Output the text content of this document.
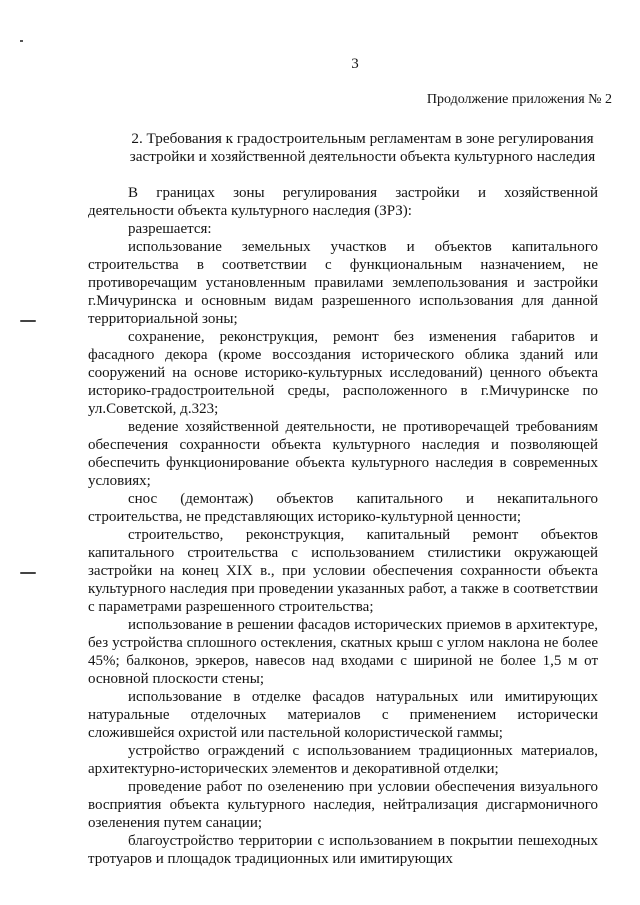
3
Продолжение приложения № 2
2. Требования к градостроительным регламентам в зоне регулирования застройки и хозяйственной деятельности объекта культурного наследия

В границах зоны регулирования застройки и хозяйственной деятельности объекта культурного наследия (ЗРЗ):

разрешается:

использование земельных участков и объектов капитального строительства в соответствии с функциональным назначением, не противоречащим установленным правилами землепользования и застройки г.Мичуринска и основным видам разрешенного использования для данной территориальной зоны;

сохранение, реконструкция, ремонт без изменения габаритов и фасадного декора (кроме воссоздания исторического облика зданий или сооружений на основе историко-культурных исследований) ценного объекта историко-градостроительной среды, расположенного в г.Мичуринске по ул.Советской, д.323;

ведение хозяйственной деятельности, не противоречащей требованиям обеспечения сохранности объекта культурного наследия и позволяющей обеспечить функционирование объекта культурного наследия в современных условиях;

снос (демонтаж) объектов капитального и некапитального строительства, не представляющих историко-культурной ценности;

строительство, реконструкция, капитальный ремонт объектов капитального строительства с использованием стилистики окружающей застройки на конец XIX в., при условии обеспечения сохранности объекта культурного наследия при проведении указанных работ, а также в соответствии с параметрами разрешенного строительства;

использование в решении фасадов исторических приемов в архитектуре, без устройства сплошного остекления, скатных крыш с углом наклона не более 45%; балконов, эркеров, навесов над входами с шириной не более 1,5 м от основной плоскости стены;

использование в отделке фасадов натуральных или имитирующих натуральные отделочных материалов с применением исторически сложившейся охристой или пастельной колористической гаммы;

устройство ограждений с использованием традиционных материалов, архитектурно-исторических элементов и декоративной отделки;

проведение работ по озеленению при условии обеспечения визуального восприятия объекта культурного наследия, нейтрализация дисгармоничного озеленения путем санации;

благоустройство территории с использованием в покрытии пешеходных тротуаров и площадок традиционных или имитирующих
